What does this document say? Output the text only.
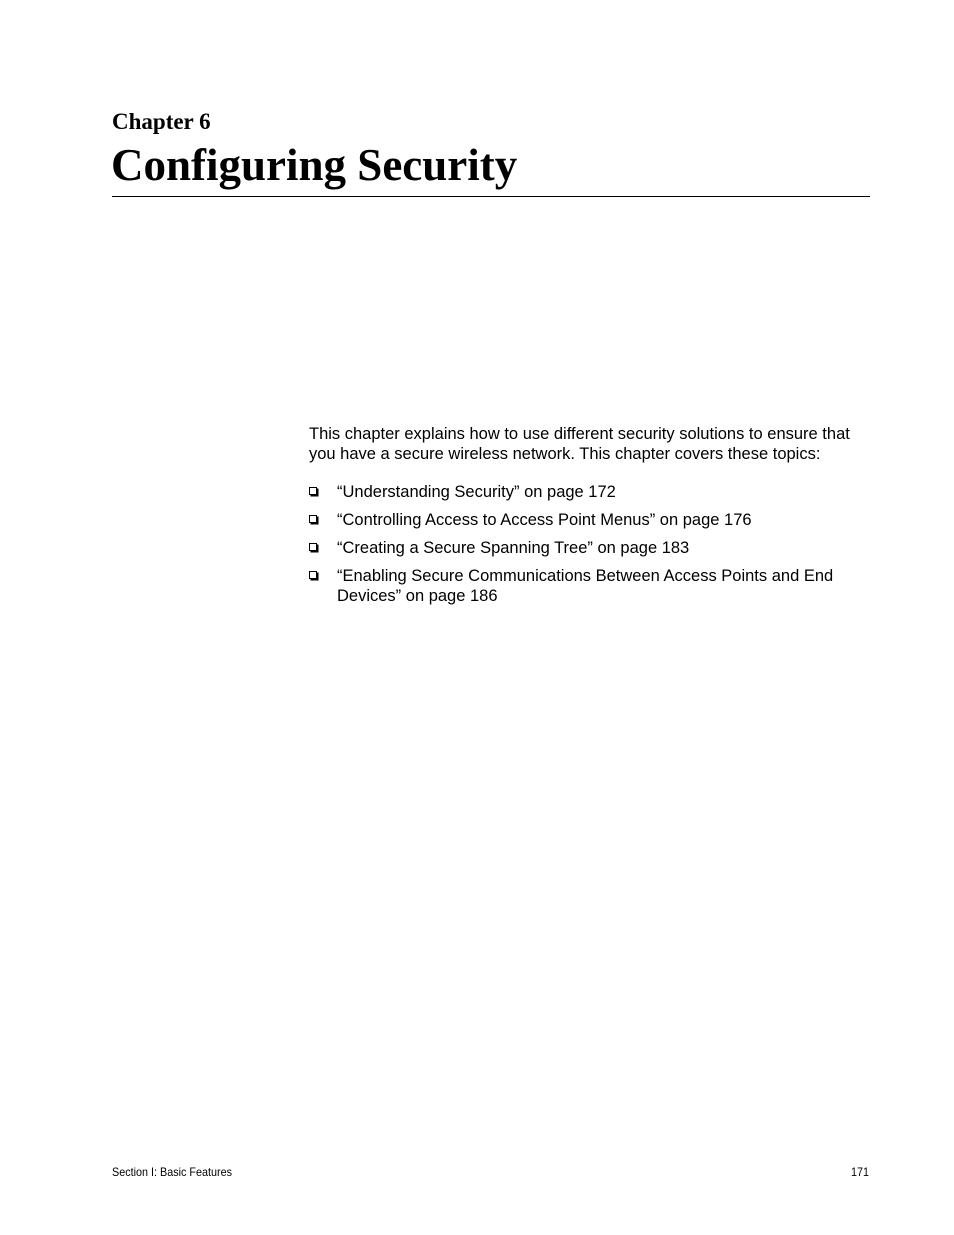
Chapter 6
Configuring Security

This chapter explains how to use different security solutions to ensure that you have a secure wireless network. This chapter covers these topics:

“Understanding Security” on page 172
“Controlling Access to Access Point Menus” on page 176
“Creating a Secure Spanning Tree” on page 183
“Enabling Secure Communications Between Access Points and End Devices” on page 186
Section I: Basic Features	171
